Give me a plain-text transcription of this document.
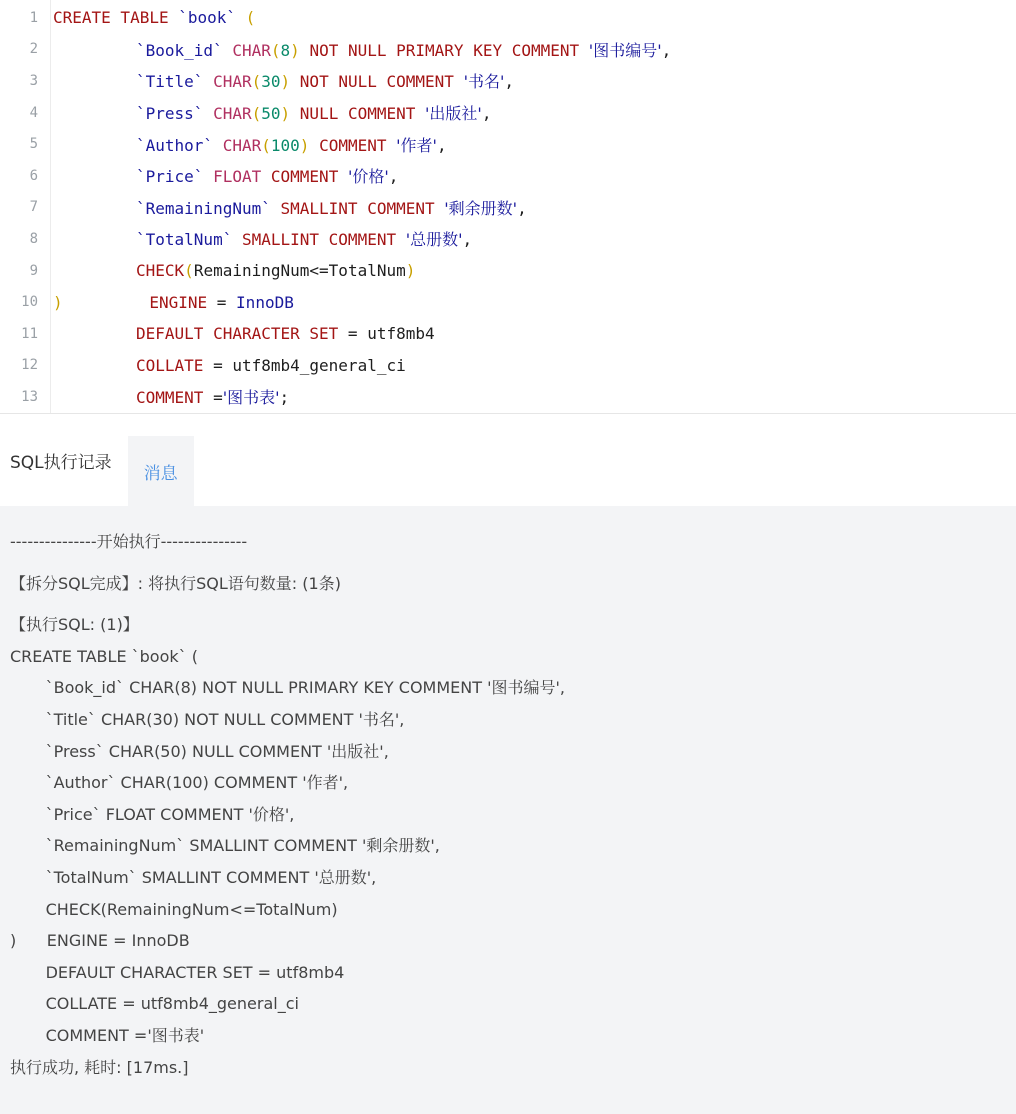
1 CREATE TABLE `book` (
2	`Book_id` CHAR(8) NOT NULL PRIMARY KEY COMMENT '图书编号',
3	`Title` CHAR(30) NOT NULL COMMENT '书名',
4	`Press` CHAR(50) NULL COMMENT '出版社',
5	`Author` CHAR(100) COMMENT '作者',
6	`Price` FLOAT COMMENT '价格',
7	`RemainingNum` SMALLINT COMMENT '剩余册数',
8	`TotalNum` SMALLINT COMMENT '总册数',
9	CHECK(RemainingNum<=TotalNum)
10 )	ENGINE = InnoDB
11	DEFAULT CHARACTER SET = utf8mb4
12	COLLATE = utf8mb4_general_ci
13	COMMENT ='图书表';
SQL执行记录
消息
---------------开始执行---------------
【拆分SQL完成】: 将执行SQL语句数量: (1条)
【执行SQL: (1)】
CREATE TABLE `book` (
`Book_id` CHAR(8) NOT NULL PRIMARY KEY COMMENT '图书编号',
`Title` CHAR(30) NOT NULL COMMENT '书名',
`Press` CHAR(50) NULL COMMENT '出版社',
`Author` CHAR(100) COMMENT '作者',
`Price` FLOAT COMMENT '价格',
`RemainingNum` SMALLINT COMMENT '剩余册数',
`TotalNum` SMALLINT COMMENT '总册数',
CHECK(RemainingNum<=TotalNum)
)      ENGINE = InnoDB
DEFAULT CHARACTER SET = utf8mb4
COLLATE = utf8mb4_general_ci
COMMENT ='图书表'
执行成功, 耗时: [17ms.]
